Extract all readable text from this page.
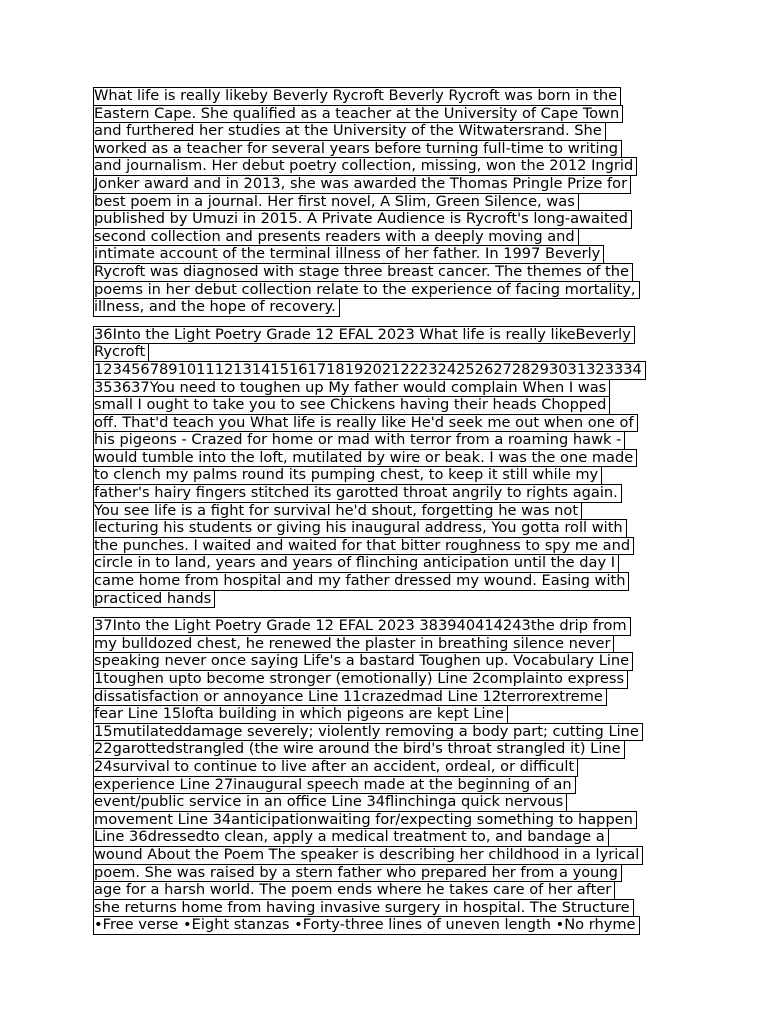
What life is really likeby Beverly Rycroft Beverly Rycroft was born in the
Eastern Cape. She qualified as a teacher at the University of Cape Town
and furthered her studies at the University of the Witwatersrand. She
worked as a teacher for several years before turning full-time to writing
and journalism. Her debut poetry collection, missing, won the 2012 Ingrid
Jonker award and in 2013, she was awarded the Thomas Pringle Prize for
best poem in a journal. Her first novel, A Slim, Green Silence, was
published by Umuzi in 2015. A Private Audience is Rycroft's long-awaited
second collection and presents readers with a deeply moving and
intimate account of the terminal illness of her father. In 1997 Beverly
Rycroft was diagnosed with stage three breast cancer. The themes of the
poems in her debut collection relate to the experience of facing mortality,
illness, and the hope of recovery.
36Into the Light Poetry Grade 12 EFAL 2023 What life is really likeBeverly
Rycroft
12345678910111213141516171819202122232425262728293031323334
353637You need to toughen up My father would complain When I was
small I ought to take you to see Chickens having their heads Chopped
off. That'd teach you What life is really like He'd seek me out when one of
his pigeons - Crazed for home or mad with terror from a roaming hawk -
would tumble into the loft, mutilated by wire or beak. I was the one made
to clench my palms round its pumping chest, to keep it still while my
father's hairy fingers stitched its garotted throat angrily to rights again.
You see life is a fight for survival he'd shout, forgetting he was not
lecturing his students or giving his inaugural address, You gotta roll with
the punches. I waited and waited for that bitter roughness to spy me and
circle in to land, years and years of flinching anticipation until the day I
came home from hospital and my father dressed my wound. Easing with
practiced hands
37Into the Light Poetry Grade 12 EFAL 2023 383940414243the drip from
my bulldozed chest, he renewed the plaster in breathing silence never
speaking never once saying Life's a bastard Toughen up. Vocabulary Line
1toughen upto become stronger (emotionally) Line 2complainto express
dissatisfaction or annoyance Line 11crazedmad Line 12terrorextreme
fear Line 15lofta building in which pigeons are kept Line
15mutilateddamage severely; violently removing a body part; cutting Line
22garottedstrangled (the wire around the bird's throat strangled it) Line
24survival to continue to live after an accident, ordeal, or difficult
experience Line 27inaugural speech made at the beginning of an
event/public service in an office Line 34flinchinga quick nervous
movement Line 34anticipationwaiting for/expecting something to happen
Line 36dressedto clean, apply a medical treatment to, and bandage a
wound About the Poem The speaker is describing her childhood in a lyrical
poem. She was raised by a stern father who prepared her from a young
age for a harsh world. The poem ends where he takes care of her after
she returns home from having invasive surgery in hospital. The Structure
•Free verse •Eight stanzas •Forty-three lines of uneven length •No rhyme
